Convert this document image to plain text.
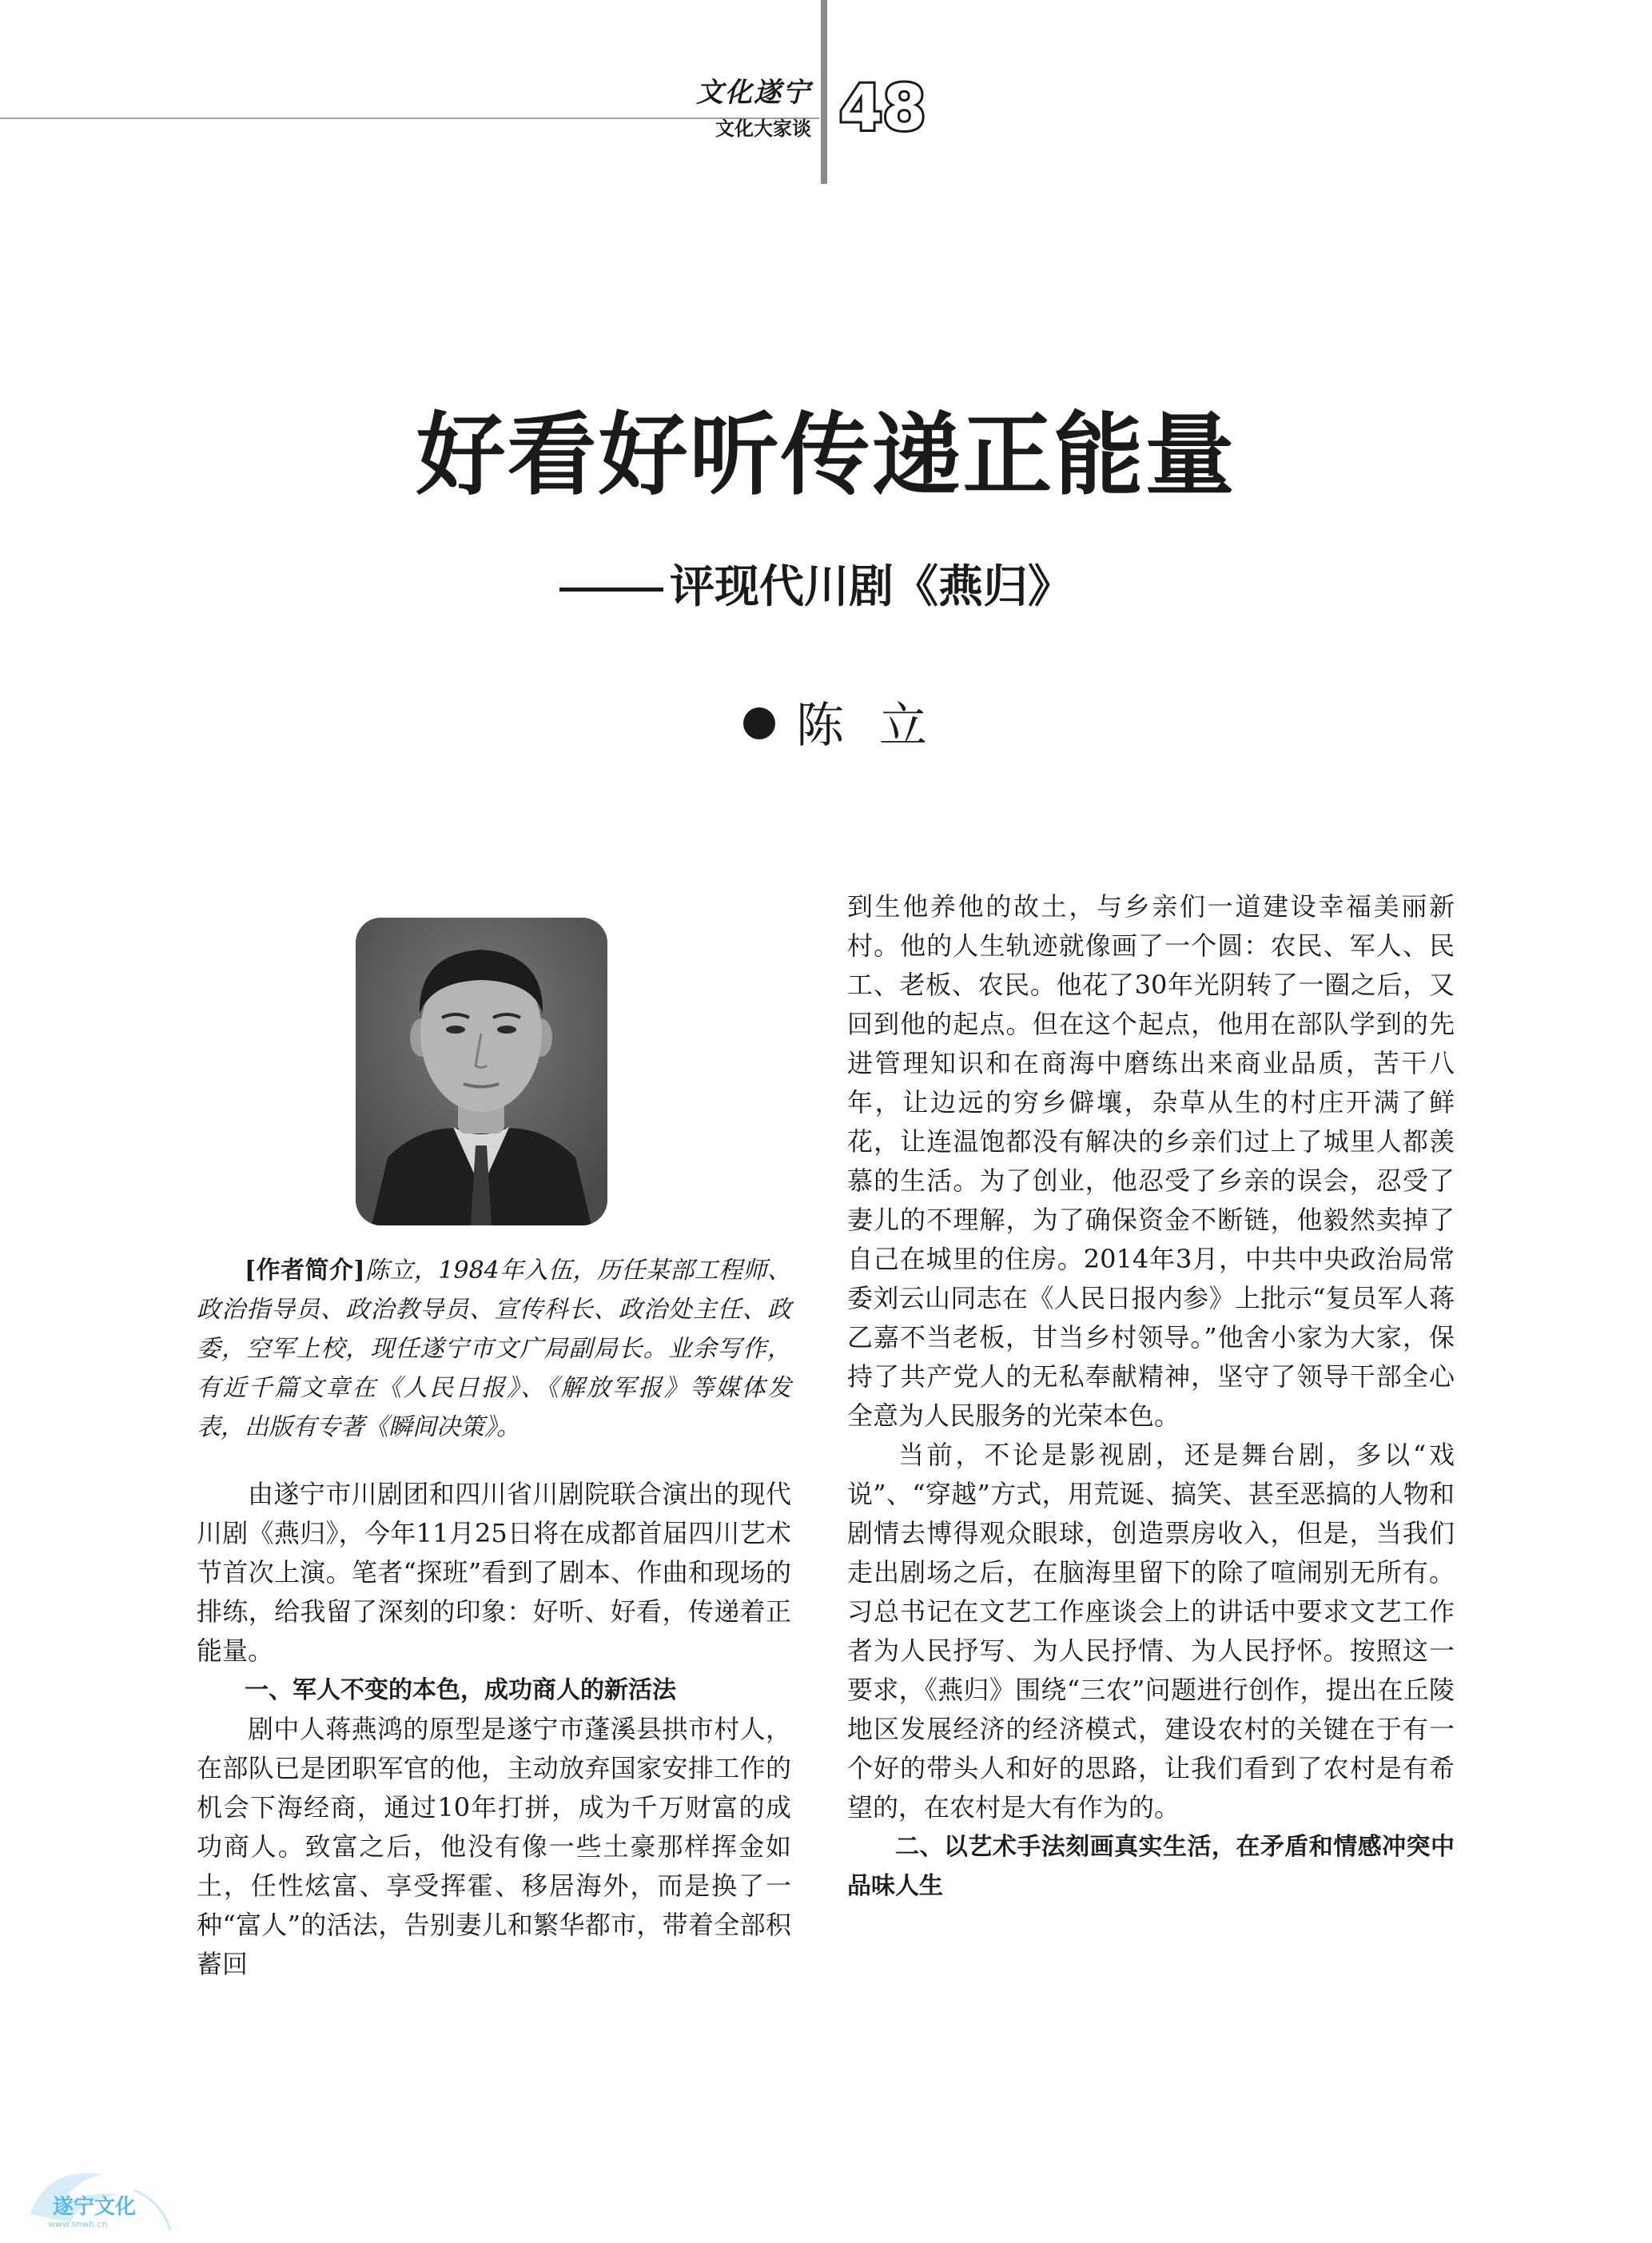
文化遂宁
文化大家谈 48
好看好听传递正能量
评现代川剧《燕归》
陈立
[作者简介]陈立，1984年入伍，历任某部工程师、政治指导员、政治教导员、宣传科长、政治处主任、政委，空军上校，现任遂宁市文广局副局长。业余写作，有近千篇文章在《人民日报》、《解放军报》等媒体发表，出版有专著《瞬间决策》。

由遂宁市川剧团和四川省川剧院联合演出的现代川剧《燕归》，今年11月25日将在成都首届四川艺术节首次上演。笔者“探班”看到了剧本、作曲和现场的排练，给我留了深刻的印象：好听、好看，传递着正能量。

一、军人不变的本色，成功商人的新活法

剧中人蒋燕鸿的原型是遂宁市蓬溪县拱市村人，在部队已是团职军官的他，主动放弃国家安排工作的机会下海经商，通过10年打拼，成为千万财富的成功商人。致富之后，他没有像一些土豪那样挥金如土，任性炫富、享受挥霍、移居海外，而是换了一种“富人”的活法，告别妻儿和繁华都市，带着全部积蓄回

到生他养他的故土，与乡亲们一道建设幸福美丽新村。他的人生轨迹就像画了一个圆：农民、军人、民工、老板、农民。他花了30年光阴转了一圈之后，又回到他的起点。但在这个起点，他用在部队学到的先进管理知识和在商海中磨练出来商业品质，苦干八年，让边远的穷乡僻壤，杂草从生的村庄开满了鲜花，让连温饱都没有解决的乡亲们过上了城里人都羡慕的生活。为了创业，他忍受了乡亲的误会，忍受了妻儿的不理解，为了确保资金不断链，他毅然卖掉了自己在城里的住房。2014年3月，中共中央政治局常委刘云山同志在《人民日报内参》上批示“复员军人蒋乙嘉不当老板，甘当乡村领导。”他舍小家为大家，保持了共产党人的无私奉献精神，坚守了领导干部全心全意为人民服务的光荣本色。

当前，不论是影视剧，还是舞台剧，多以“戏说”、“穿越”方式，用荒诞、搞笑、甚至恶搞的人物和剧情去博得观众眼球，创造票房收入，但是，当我们走出剧场之后，在脑海里留下的除了喧闹别无所有。习总书记在文艺工作座谈会上的讲话中要求文艺工作者为人民抒写、为人民抒情、为人民抒怀。按照这一要求，《燕归》围绕“三农”问题进行创作，提出在丘陵地区发展经济的经济模式，建设农村的关键在于有一个好的带头人和好的思路，让我们看到了农村是有希望的，在农村是大有作为的。

二、以艺术手法刻画真实生活，在矛盾和情感冲突中品味人生

遂宁文化
www.snwh.cn
